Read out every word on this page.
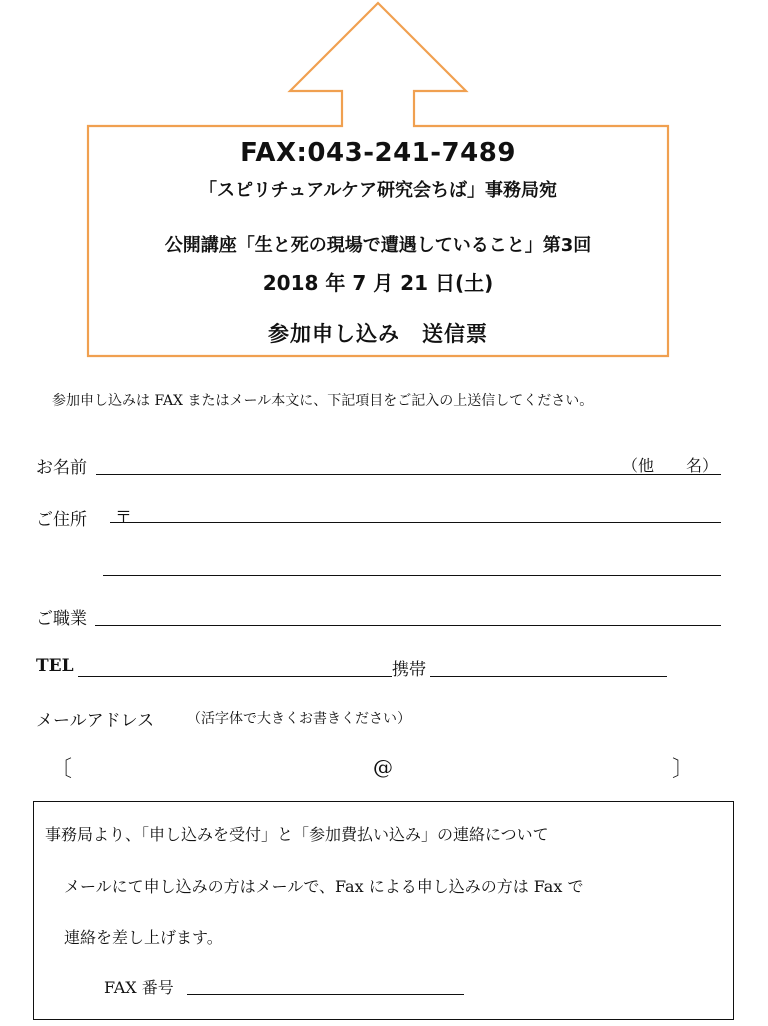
FAX:043-241-7489
「スピリチュアルケア研究会ちば」事務局宛
公開講座「生と死の現場で遭遇していること」第3回
2018 年 7 月 21 日(土)
参加申し込み　送信票
参加申し込みは FAX またはメール本文に、下記項目をご記入の上送信してください。
お名前	（他　　名）
ご住所 〒
ご職業
TEL	携帯
メールアドレス （活字体で大きくお書きください）
〔	@	〕
事務局より、「申し込みを受付」と「参加費払い込み」の連絡について
メールにて申し込みの方はメールで、Fax による申し込みの方は Fax で
連絡を差し上げます。
FAX 番号
